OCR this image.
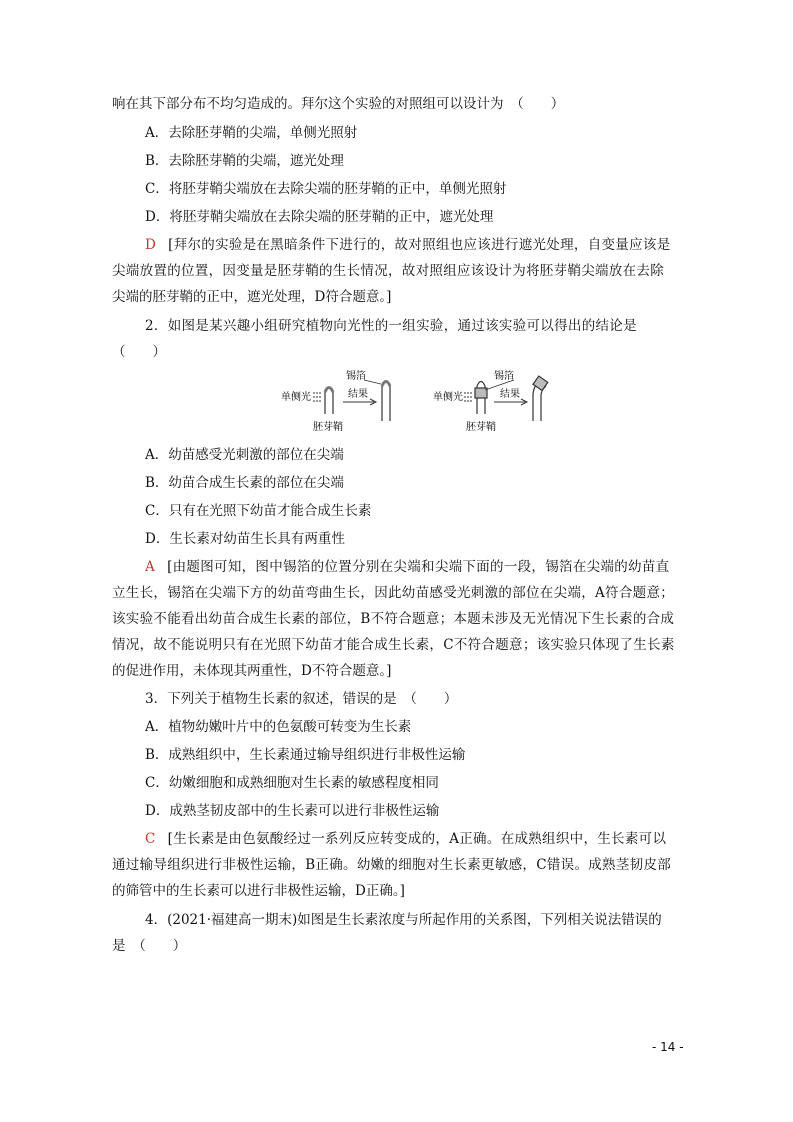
响在其下部分布不均匀造成的。拜尔这个实验的对照组可以设计为　（　　）
A．去除胚芽鞘的尖端，单侧光照射
B．去除胚芽鞘的尖端，遮光处理
C．将胚芽鞘尖端放在去除尖端的胚芽鞘的正中，单侧光照射
D．将胚芽鞘尖端放在去除尖端的胚芽鞘的正中，遮光处理
D [拜尔的实验是在黑暗条件下进行的，故对照组也应该进行遮光处理，自变量应该是
尖端放置的位置，因变量是胚芽鞘的生长情况，故对照组应该设计为将胚芽鞘尖端放在去除
尖端的胚芽鞘的正中，遮光处理，D符合题意。]
2．如图是某兴趣小组研究植物向光性的一组实验，通过该实验可以得出的结论是
（　　）
单侧光
锡箔
结果
胚芽鞘
单侧光
锡箔
结果
胚芽鞘
A．幼苗感受光刺激的部位在尖端
B．幼苗合成生长素的部位在尖端
C．只有在光照下幼苗才能合成生长素
D．生长素对幼苗生长具有两重性
A [由题图可知，图中锡箔的位置分别在尖端和尖端下面的一段，锡箔在尖端的幼苗直
立生长，锡箔在尖端下方的幼苗弯曲生长，因此幼苗感受光刺激的部位在尖端，A符合题意；
该实验不能看出幼苗合成生长素的部位，B不符合题意；本题未涉及无光情况下生长素的合成
情况，故不能说明只有在光照下幼苗才能合成生长素，C不符合题意；该实验只体现了生长素
的促进作用，未体现其两重性，D不符合题意。]
3．下列关于植物生长素的叙述，错误的是　（　　）
A．植物幼嫩叶片中的色氨酸可转变为生长素
B．成熟组织中，生长素通过输导组织进行非极性运输
C．幼嫩细胞和成熟细胞对生长素的敏感程度相同
D．成熟茎韧皮部中的生长素可以进行非极性运输
C [生长素是由色氨酸经过一系列反应转变成的，A正确。在成熟组织中，生长素可以
通过输导组织进行非极性运输，B正确。幼嫩的细胞对生长素更敏感，C错误。成熟茎韧皮部
的筛管中的生长素可以进行非极性运输，D正确。]
4．(2021·福建高一期末)如图是生长素浓度与所起作用的关系图，下列相关说法错误的
是　（　　）
- 14 -
